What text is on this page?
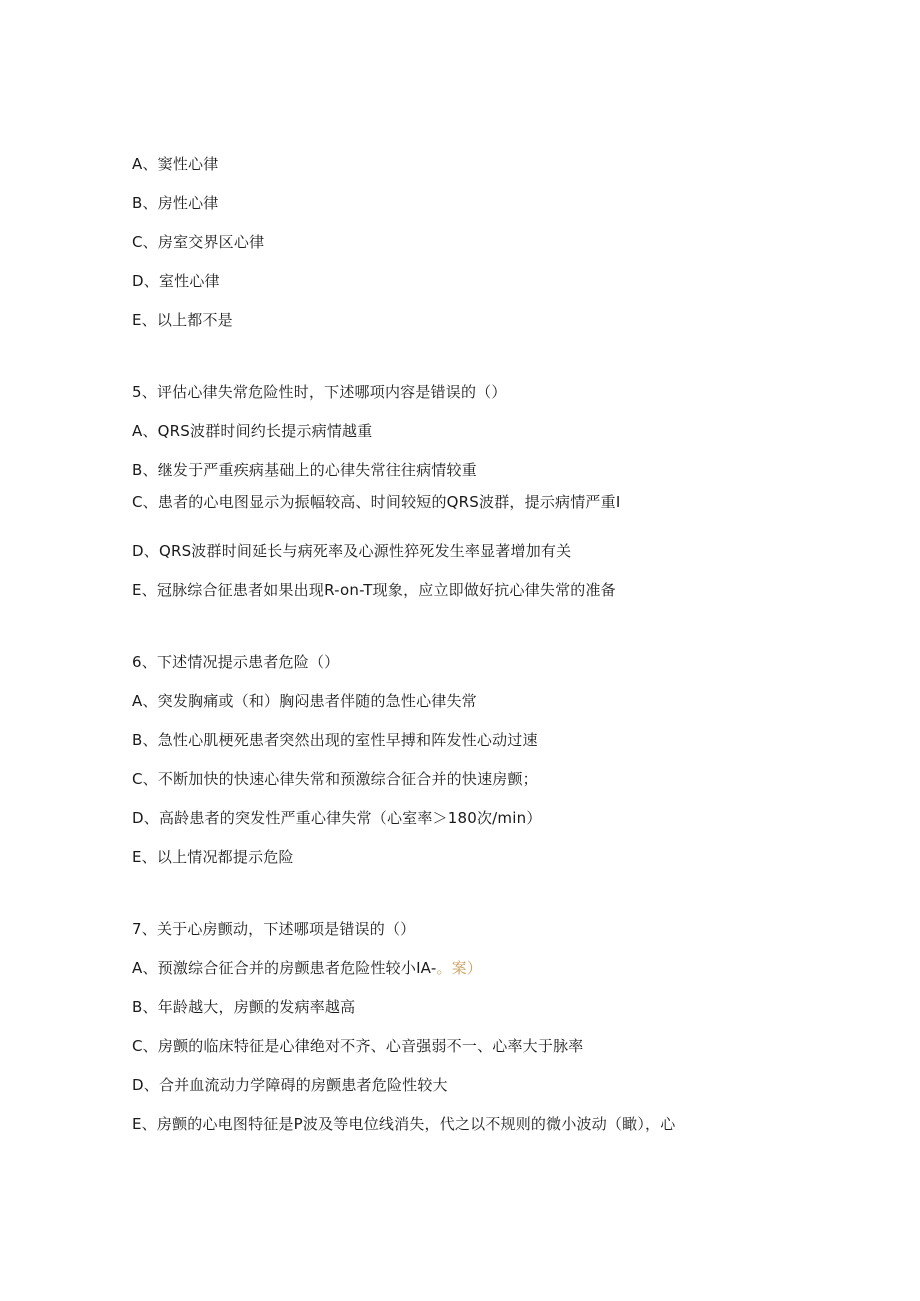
A、窦性心律
B、房性心律
C、房室交界区心律
D、室性心律
E、以上都不是
5、评估心律失常危险性时，下述哪项内容是错误的（）
A、QRS波群时间约长提示病情越重
B、继发于严重疾病基础上的心律失常往往病情较重
C、患者的心电图显示为振幅较高、时间较短的QRS波群，提示病情严重I
D、QRS波群时间延长与病死率及心源性猝死发生率显著增加有关
E、冠脉综合征患者如果出现R-on-T现象，应立即做好抗心律失常的准备
6、下述情况提示患者危险（）
A、突发胸痛或（和）胸闷患者伴随的急性心律失常
B、急性心肌梗死患者突然出现的室性早搏和阵发性心动过速
C、不断加快的快速心律失常和预激综合征合并的快速房颤；
D、高龄患者的突发性严重心律失常（心室率＞180次/min）
E、以上情况都提示危险
7、关于心房颤动，下述哪项是错误的（）
A、预激综合征合并的房颤患者危险性较小IA-。案）
B、年龄越大，房颤的发病率越高
C、房颤的临床特征是心律绝对不齐、心音强弱不一、心率大于脉率
D、合并血流动力学障碍的房颤患者危险性较大
E、房颤的心电图特征是P波及等电位线消失，代之以不规则的微小波动（瞰），心
